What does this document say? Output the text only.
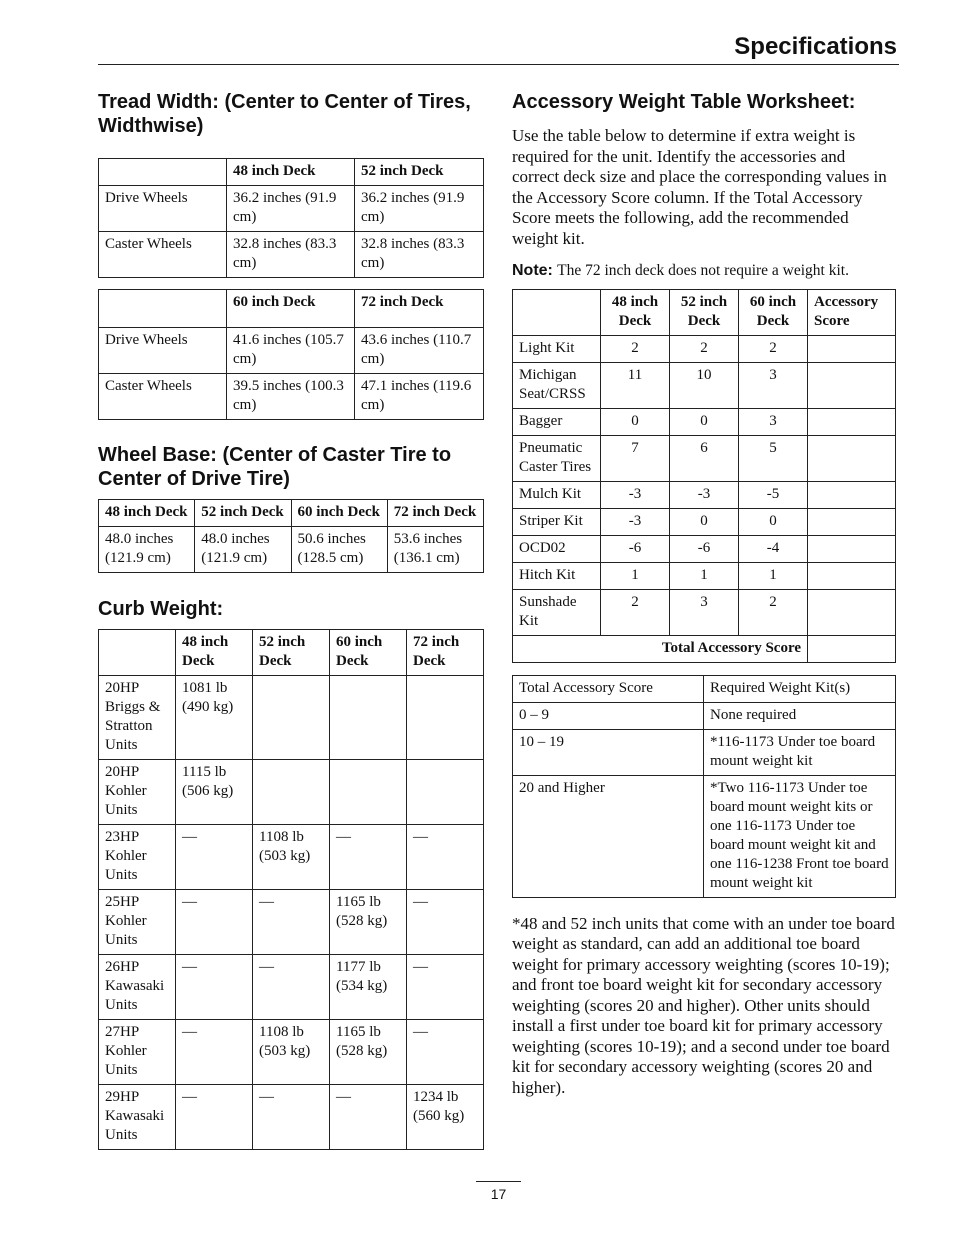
Specifications
Tread Width: (Center to Center of Tires, Widthwise)
	48 inch Deck	52 inch Deck
Drive Wheels	36.2 inches (91.9 cm)	36.2 inches (91.9 cm)
Caster Wheels	32.8 inches (83.3 cm)	32.8 inches (83.3 cm)
	60 inch Deck	72 inch Deck
Drive Wheels	41.6 inches (105.7 cm)	43.6 inches (110.7 cm)
Caster Wheels	39.5 inches (100.3 cm)	47.1 inches (119.6 cm)
Wheel Base: (Center of Caster Tire to Center of Drive Tire)
48 inch Deck	52 inch Deck	60 inch Deck	72 inch Deck
48.0 inches (121.9 cm)	48.0 inches (121.9 cm)	50.6 inches (128.5 cm)	53.6 inches (136.1 cm)
Curb Weight:
	48 inch Deck	52 inch Deck	60 inch Deck	72 inch Deck
20HP Briggs & Stratton Units	1081 lb (490 kg)			
20HP Kohler Units	1115 lb (506 kg)			
23HP Kohler Units	—	1108 lb (503 kg)	—	—
25HP Kohler Units	—	—	1165 lb (528 kg)	—
26HP Kawasaki Units	—	—	1177 lb (534 kg)	—
27HP Kohler Units	—	1108 lb (503 kg)	1165 lb (528 kg)	—
29HP Kawasaki Units	—	—	—	1234 lb (560 kg)
Accessory Weight Table Worksheet:

Use the table below to determine if extra weight is required for the unit. Identify the accessories and correct deck size and place the corresponding values in the Accessory Score column. If the Total Accessory Score meets the following, add the recommended weight kit.

Note: The 72 inch deck does not require a weight kit.

	48 inch Deck	52 inch Deck	60 inch Deck	Accessory Score
Light Kit	2	2	2	
Michigan Seat/CRSS	11	10	3	
Bagger	0	0	3	
Pneumatic Caster Tires	7	6	5	
Mulch Kit	-3	-3	-5	
Striper Kit	-3	0	0	
OCD02	-6	-6	-4	
Hitch Kit	1	1	1	
Sunshade Kit	2	3	2	
Total Accessory Score				
Total Accessory Score	Required Weight Kit(s)
0 – 9	None required
10 – 19	*116-1173 Under toe board mount weight kit
20 and Higher	*Two 116-1173 Under toe board mount weight kits or one 116-1173 Under toe board mount weight kit and one 116-1238 Front toe board mount weight kit

*48 and 52 inch units that come with an under toe board weight as standard, can add an additional toe board weight for primary accessory weighting (scores 10-19); and front toe board weight kit for secondary accessory weighting (scores 20 and higher). Other units should install a first under toe board kit for primary accessory weighting (scores 10-19); and a second under toe board kit for secondary accessory weighting (scores 20 and higher).

17
